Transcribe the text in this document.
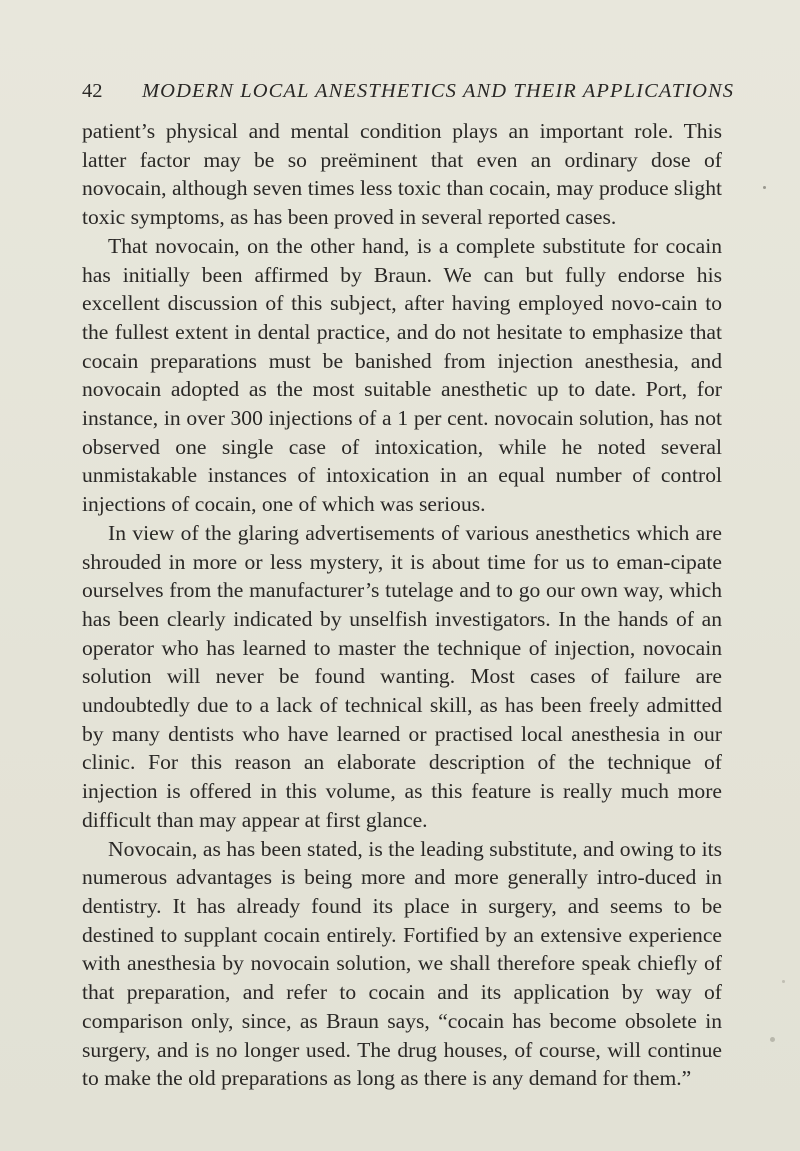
42 MODERN LOCAL ANESTHETICS AND THEIR APPLICATIONS

patient’s physical and mental condition plays an important role. This latter factor may be so preëminent that even an ordinary dose of novocain, although seven times less toxic than cocain, may produce slight toxic symptoms, as has been proved in several reported cases.

That novocain, on the other hand, is a complete substitute for cocain has initially been affirmed by Braun. We can but fully endorse his excellent discussion of this subject, after having employed novo-cain to the fullest extent in dental practice, and do not hesitate to emphasize that cocain preparations must be banished from injection anesthesia, and novocain adopted as the most suitable anesthetic up to date. Port, for instance, in over 300 injections of a 1 per cent. novocain solution, has not observed one single case of intoxication, while he noted several unmistakable instances of intoxication in an equal number of control injections of cocain, one of which was serious.

In view of the glaring advertisements of various anesthetics which are shrouded in more or less mystery, it is about time for us to eman-cipate ourselves from the manufacturer’s tutelage and to go our own way, which has been clearly indicated by unselfish investigators. In the hands of an operator who has learned to master the technique of injection, novocain solution will never be found wanting. Most cases of failure are undoubtedly due to a lack of technical skill, as has been freely admitted by many dentists who have learned or practised local anesthesia in our clinic. For this reason an elaborate description of the technique of injection is offered in this volume, as this feature is really much more difficult than may appear at first glance.

Novocain, as has been stated, is the leading substitute, and owing to its numerous advantages is being more and more generally intro-duced in dentistry. It has already found its place in surgery, and seems to be destined to supplant cocain entirely. Fortified by an extensive experience with anesthesia by novocain solution, we shall therefore speak chiefly of that preparation, and refer to cocain and its application by way of comparison only, since, as Braun says, “cocain has become obsolete in surgery, and is no longer used. The drug houses, of course, will continue to make the old preparations as long as there is any demand for them.”
